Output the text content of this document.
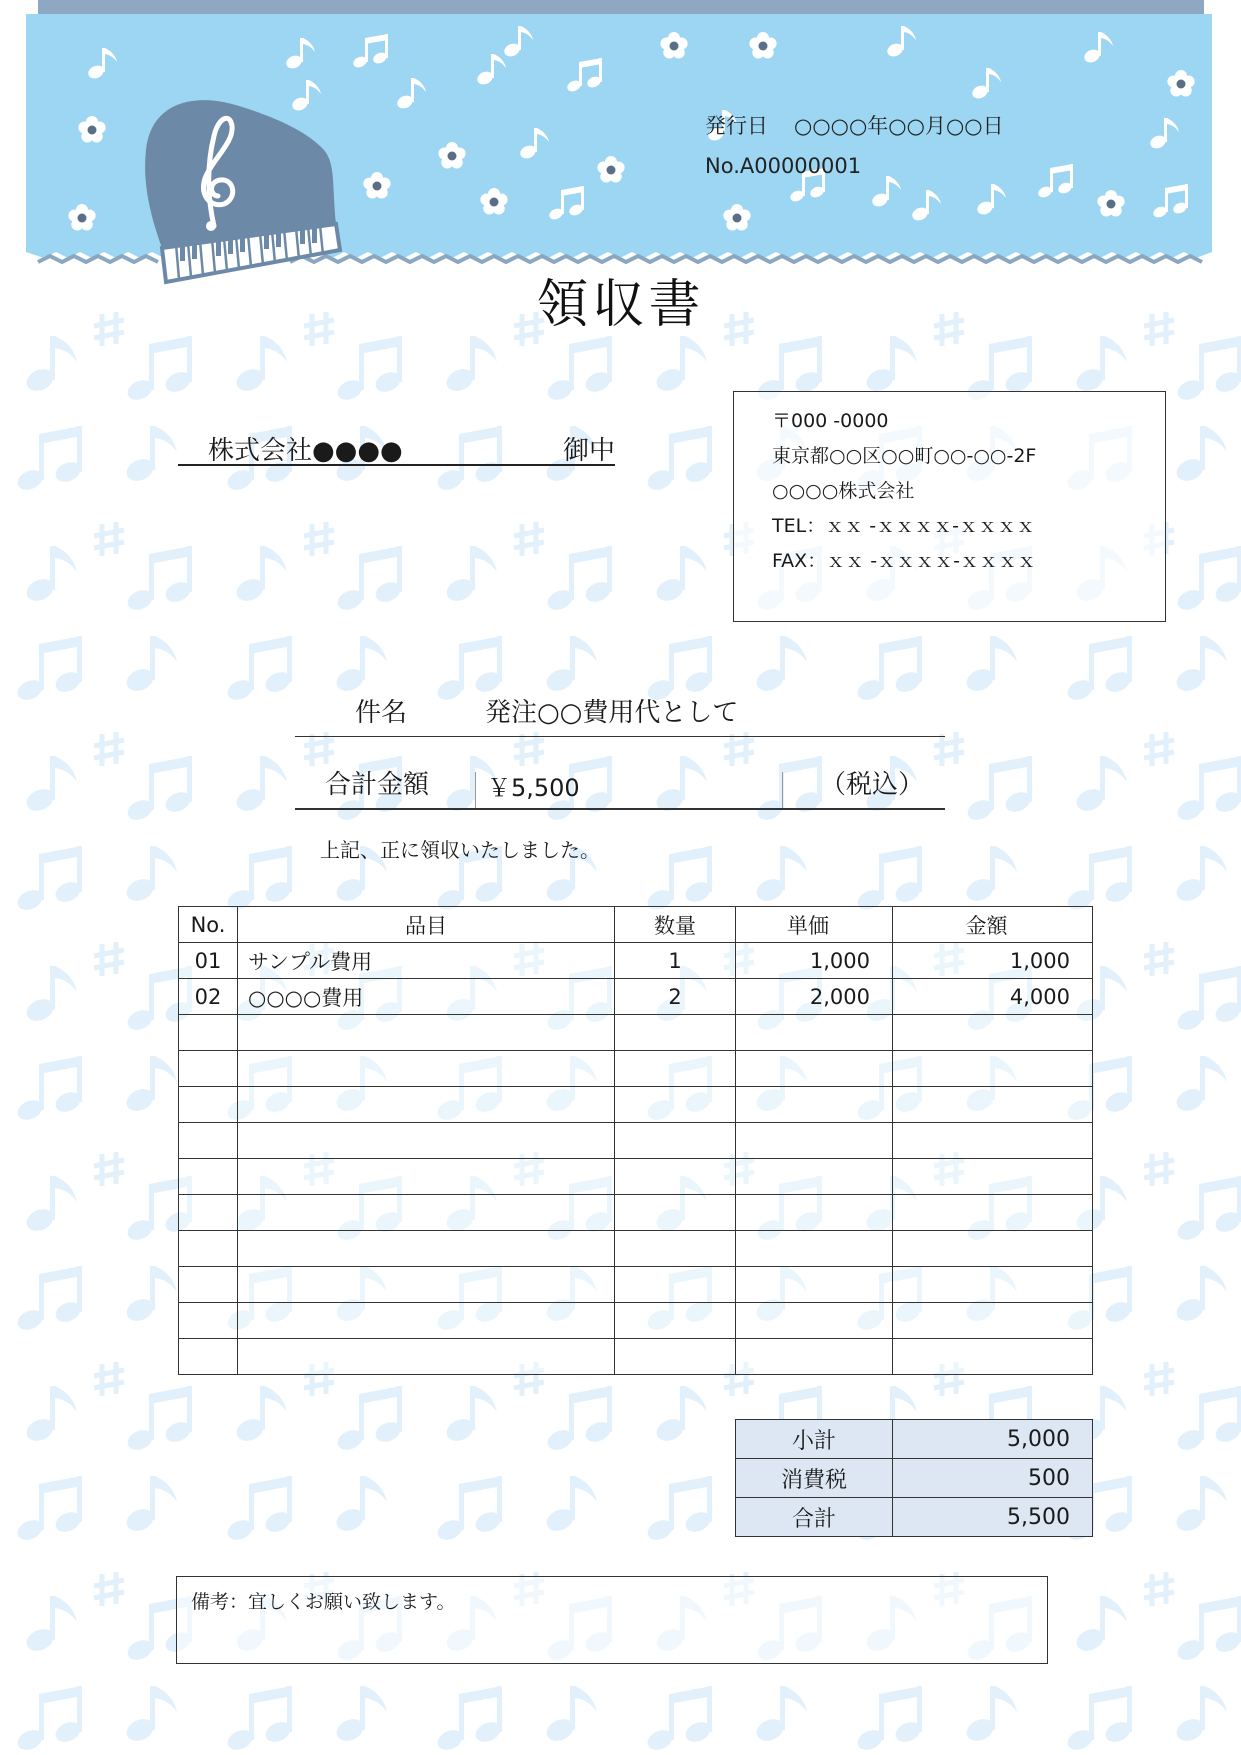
発行日 ○○○○年○○月○○日
No.A00000001
領収書
株式会社●●●●	御中
〒000 -0000
東京都○○区○○町○○-○○-2F
○○○○株式会社
TEL：ｘｘ -ｘｘｘｘ-ｘｘｘｘ
FAX：ｘｘ -ｘｘｘｘ-ｘｘｘｘ
件名	発注○○費用代として
合計金額 ￥5,500	（税込）
上記、正に領収いたしました。
No.	品目	数量	単価	金額
01	サンプル費用	1	1,000	1,000
02	○○○○費用	2	2,000	4,000

小計	5,000
消費税	500
合計	5,500
備考：宜しくお願い致します。
